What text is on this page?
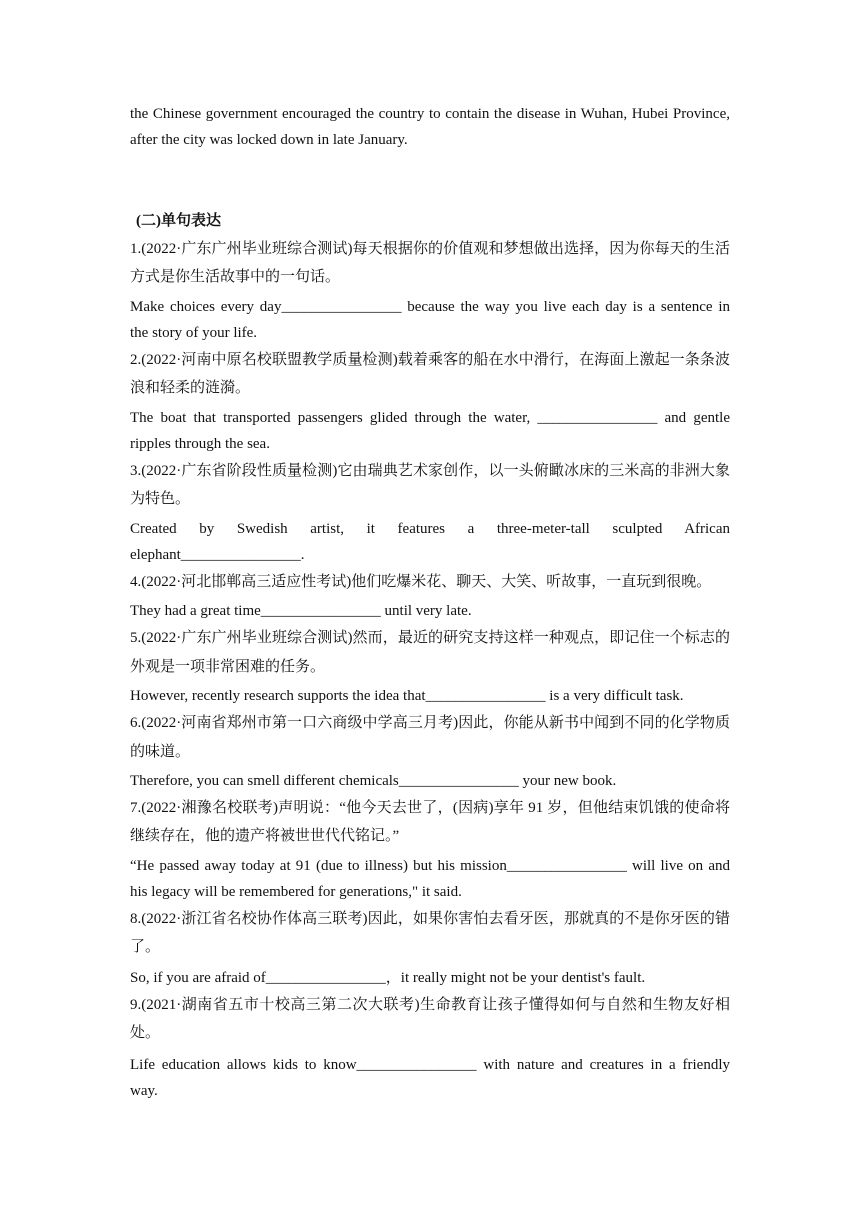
the Chinese government encouraged the country to contain the disease in Wuhan, Hubei Province,
after the city was locked down in late January.
(二)单句表达
1.(2022·广东广州毕业班综合测试)每天根据你的价值观和梦想做出选择，因为你每天的生活
方式是你生活故事中的一句话。
Make choices every day________________ because the way you live each day is a sentence in
the story of your life.
2.(2022·河南中原名校联盟教学质量检测)载着乘客的船在水中滑行，在海面上激起一条条波
浪和轻柔的涟漪。
The boat that transported passengers glided through the water, ________________ and gentle
ripples through the sea.
3.(2022·广东省阶段性质量检测)它由瑞典艺术家创作，以一头俯瞰冰床的三米高的非洲大象
为特色。
Created by Swedish artist, it features a three-meter-tall sculpted African
elephant________________.
4.(2022·河北邯郸高三适应性考试)他们吃爆米花、聊天、大笑、听故事，一直玩到很晚。
They had a great time________________ until very late.
5.(2022·广东广州毕业班综合测试)然而，最近的研究支持这样一种观点，即记住一个标志的
外观是一项非常困难的任务。
However, recently research supports the idea that________________ is a very difficult task.
6.(2022·河南省郑州市第一口六商级中学高三月考)因此，你能从新书中闻到不同的化学物质
的味道。
Therefore, you can smell different chemicals________________ your new book.
7.(2022·湘豫名校联考)声明说：“他今天去世了，(因病)享年 91 岁，但他结束饥饿的使命将
继续存在，他的遗产将被世世代代铭记。”
“He passed away today at 91 (due to illness) but his mission________________ will live on and
his legacy will be remembered for generations," it said.
8.(2022·浙江省名校协作体高三联考)因此，如果你害怕去看牙医，那就真的不是你牙医的错
了。
So, if you are afraid of________________，it really might not be your dentist's fault.
9.(2021·湖南省五市十校高三第二次大联考)生命教育让孩子懂得如何与自然和生物友好相
处。
Life education allows kids to know________________ with nature and creatures in a friendly
way.
